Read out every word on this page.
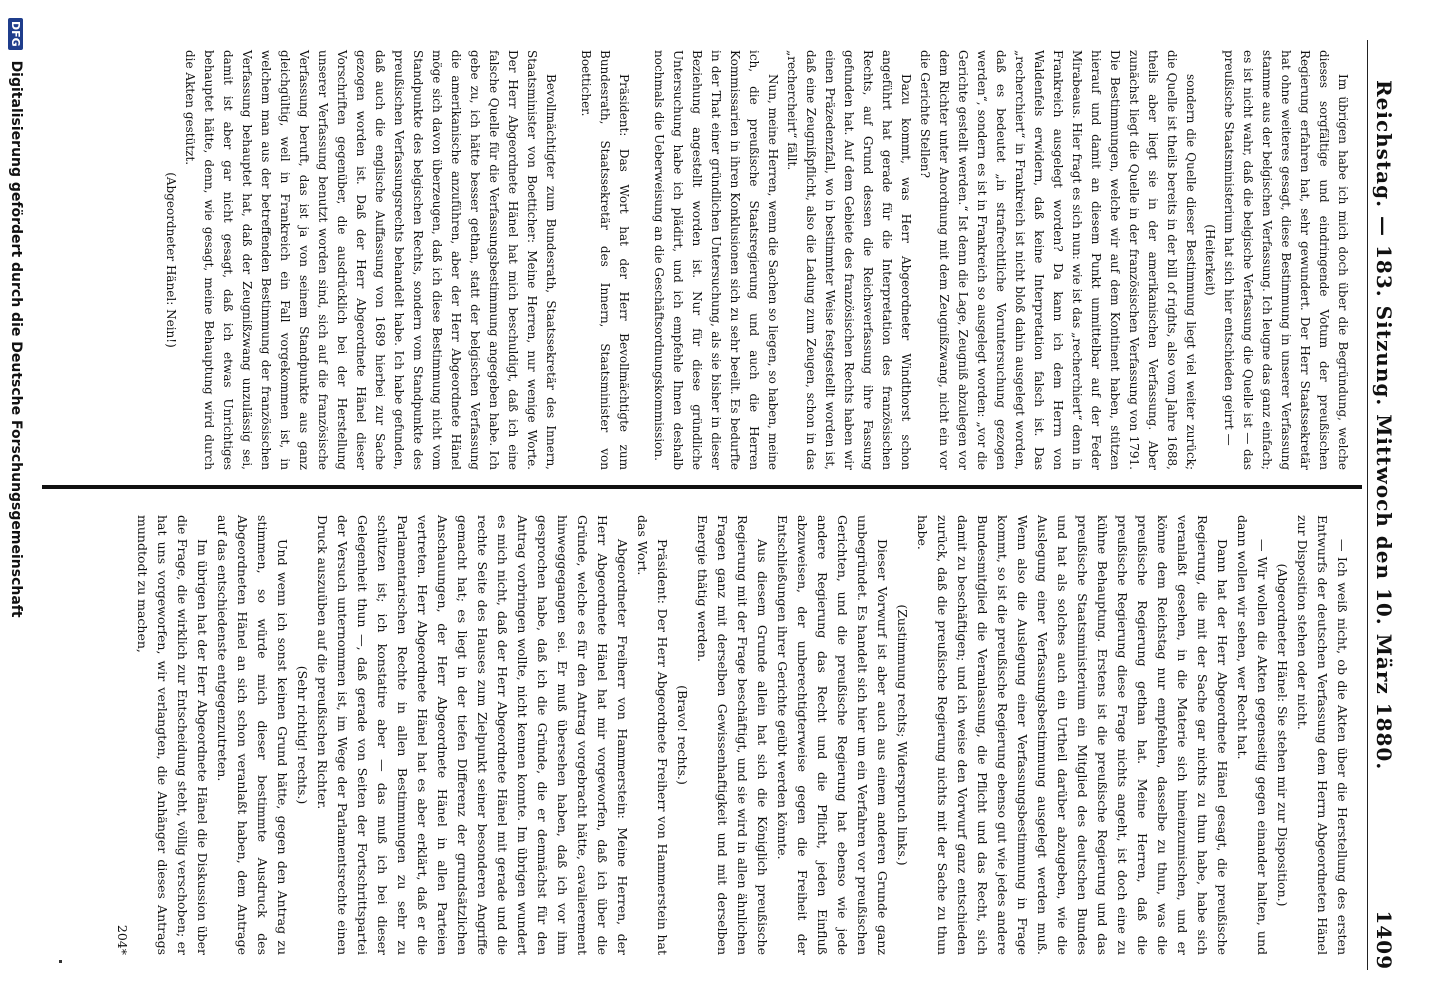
Reichstag. — 183. Sitzung. Mittwoch den 10. März 1880.
1409

Im übrigen habe ich mich doch über die Begründung, welche dieses sorgfältige und eindringende Votum der preußischen Regierung erfahren hat, sehr gewundert. Der Herr Staatssekretär hat ohne weiteres gesagt, diese Bestimmung in unserer Verfassung stamme aus der belgischen Verfassung. Ich leugne das ganz einfach; es ist nicht wahr, daß die belgische Verfassung die Quelle ist — das preußische Staatsministerium hat sich hier entschieden geirrt —

(Heiterkeit)

sondern die Quelle dieser Bestimmung liegt viel weiter zurück; die Quelle ist theils bereits in der bill of rights, also vom Jahre 1688, theils aber liegt sie in der amerikanischen Verfassung. Aber zunächst liegt die Quelle in der französischen Verfassung von 1791. Die Bestimmungen, welche wir auf dem Kontinent haben, stützen hierauf und damit an diesem Punkt unmittelbar auf der Feder Mirabeaus. Hier fragt es sich nun: wie ist das „recherchiert“ denn in Frankreich ausgelegt worden? Da kann ich dem Herrn von Waldenfels erwidern, daß keine Interpretation falsch ist. Das „recherchiert“ in Frankreich ist nicht bloß dahin ausgelegt worden, daß es bedeutet „in strafrechtliche Voruntersuchung gezogen werden“, sondern es ist in Frankreich so ausgelegt worden: „vor die Gerichte gestellt werden.“ Ist denn die Lage, Zeugniß abzulegen vor dem Richter unter Anordnung mit dem Zeugnißzwang, nicht ein vor die Gerichte Stellen?

Dazu kommt, was Herr Abgeordneter Windthorst schon angeführt hat gerade für die Interpretation des französischen Rechts, auf Grund dessen die Reichsverfassung ihre Fassung gefunden hat. Auf dem Gebiete des französischen Rechts haben wir einen Präzedenzfall, wo in bestimmter Weise festgestellt worden ist, daß eine Zeugnißpflicht, also die Ladung zum Zeugen, schon in das „rechercheirt“ fällt.

Nun, meine Herren, wenn die Sachen so liegen, so haben, meine ich, die preußische Staatsregierung und auch die Herren Kommissarien in ihren Konklusionen sich zu sehr beeilt. Es bedurfte in der That einer gründlichen Untersuchung, als sie bisher in dieser Beziehung angestellt worden ist. Nur für diese gründliche Untersuchung habe ich plädirt, und ich empfehle Ihnen deshalb nochmals die Ueberweisung an die Geschäftsordnungskommission.

Präsident: Das Wort hat der Herr Bevollmächtigte zum Bundesrath, Staatssekretär des Innern, Staatsminister von Boetticher.

Bevollmächtigter zum Bundesrath, Staatssekretär des Innern, Staatsminister von Boetticher: Meine Herren, nur wenige Worte. Der Herr Abgeordnete Hänel hat mich beschuldigt, daß ich eine falsche Quelle für die Verfassungsbestimmung angegeben habe. Ich gebe zu, ich hätte besser gethan, statt der belgischen Verfassung die amerikanische anzuführen, aber der Herr Abgeordnete Hänel möge sich davon überzeugen, daß ich diese Bestimmung nicht vom Standpunkte des belgischen Rechts, sondern vom Standpunkte des preußischen Verfassungsrechts behandelt habe. Ich habe gefunden, daß auch die englische Auffassung von 1689 hierbei zur Sache gezogen worden ist. Daß der Herr Abgeordnete Hänel dieser Vorschriften gegenüber, die ausdrücklich bei der Herstellung unserer Verfassung benutzt worden sind, sich auf die französische Verfassung beruft, das ist ja von seinem Standpunkte aus ganz gleichgültig, weil in Frankreich ein Fall vorgekommen ist, in welchem man aus der betreffenden Bestimmung der französischen Verfassung behauptet hat, daß der Zeugnißzwang unzulässig sei, damit ist aber gar nicht gesagt, daß ich etwas Unrichtiges behauptet hätte, denn, wie gesagt, meine Behauptung wird durch die Akten gestützt.

(Abgeordneter Hänel: Nein!)

— Ich weiß nicht, ob die Akten über die Herstellung des ersten Entwurfs der deutschen Verfassung dem Herrn Abgeordneten Hänel zur Disposition stehen oder nicht.

(Abgeordneter Hänel: Sie stehen mir zur Disposition.)

— Wir wollen die Akten gegenseitig gegen einander halten, und dann wollen wir sehen, wer Recht hat.

Dann hat der Herr Abgeordnete Hänel gesagt, die preußische Regierung, die mit der Sache gar nichts zu thun habe, habe sich veranlaßt gesehen, in die Materie sich hineinzumischen, und er könne dem Reichstag nur empfehlen, dasselbe zu thun, was die preußische Regierung gethan hat. Meine Herren, daß die preußische Regierung diese Frage nichts angeht, ist doch eine zu kühne Behauptung. Erstens ist die preußische Regierung und das preußische Staatsministerium ein Mitglied des deutschen Bundes und hat als solches auch ein Urtheil darüber abzugeben, wie die Auslegung einer Verfassungsbestimmung ausgelegt werden muß. Wenn also die Auslegung einer Verfassungsbestimmung in Frage kommt, so ist die preußische Regierung ebenso gut wie jedes andere Bundesmitglied die Veranlassung, die Pflicht und das Recht, sich damit zu beschäftigen; und ich weise den Vorwurf ganz entschieden zurück, daß die preußische Regierung nichts mit der Sache zu thun habe.

(Zustimmung rechts; Widerspruch links.)

Dieser Vorwurf ist aber auch aus einem anderen Grunde ganz unbegründet. Es handelt sich hier um ein Verfahren vor preußischen Gerichten, und die preußische Regierung hat ebenso wie jede andere Regierung das Recht und die Pflicht, jeden Einfluß abzuweisen, der unberechtigterweise gegen die Freiheit der Entschließungen ihrer Gerichte geübt werden könnte.

Aus diesem Grunde allein hat sich die Königlich preußische Regierung mit der Frage beschäftigt, und sie wird in allen ähnlichen Fragen ganz mit derselben Gewissenhaftigkeit und mit derselben Energie thätig werden.

(Bravo! rechts.)

Präsident: Der Herr Abgeordnete Freiherr von Hammerstein hat das Wort.

Abgeordneter Freiherr von Hammerstein: Meine Herren, der Herr Abgeordnete Hänel hat mir vorgeworfen, daß ich über die Gründe, welche es für den Antrag vorgebracht hätte, cavalierement hinweggegangen sei. Er muß übersehen haben, daß ich vor ihm gesprochen habe, daß ich die Gründe, die er demnächst für den Antrag vorbringen wollte, nicht kennen konnte. Im übrigen wundert es mich nicht, daß der Herr Abgeordnete Hänel mit gerade und die rechte Seite des Hauses zum Zielpunkt seiner besonderen Angriffe gemacht hat; es liegt in der tiefen Differenz der grundsätzlichen Anschauungen, der Herr Abgeordnete Hänel in allen Parteien vertreten. Herr Abgeordnete Hänel hat es aber erklärt, daß er die Parlamentarischen Rechte in allen Bestimmungen zu sehr zu schützen ist; ich konstatire aber — das muß ich bei dieser Gelegenheit thun —, daß gerade von Seiten der Fortschrittspartei der Versuch unternommen ist, im Wege der Parlamentsrechte einen Druck auszuüben auf die preußischen Richter.

(Sehr richtig! rechts.)

Und wenn ich sonst keinen Grund hätte, gegen den Antrag zu stimmen, so würde mich dieser bestimmte Ausdruck des Abgeordneten Hänel an sich schon veranlaßt haben, dem Antrage auf das entschiedenste entgegenzutreten.

Im übrigen hat der Herr Abgeordnete Hänel die Diskussion über die Frage, die wirklich zur Entscheidung steht, völlig verschoben; er hat uns vorgeworfen, wir verlangten, die Anhänger dieses Antrags mundtodt zu machen,

204*

DFG Digitalisierung gefördert durch die Deutsche Forschungsgemeinschaft
